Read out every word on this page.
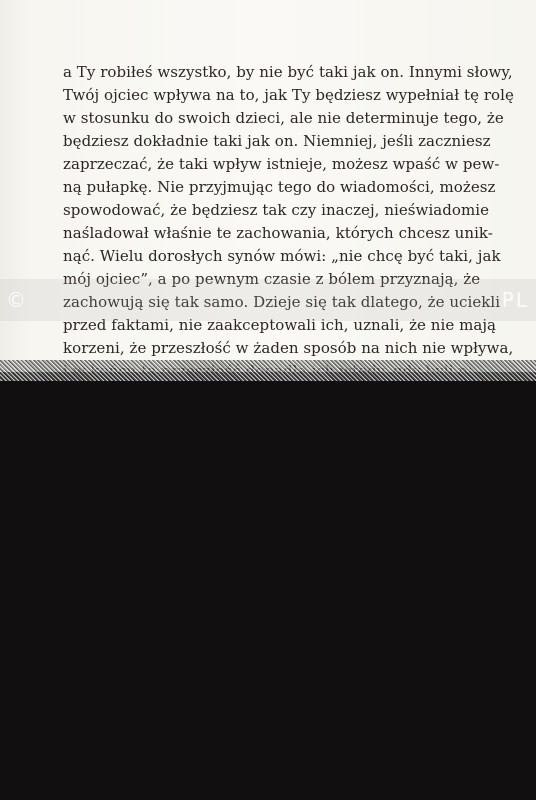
a Ty robiłeś wszystko, by nie być taki jak on. Innymi słowy,
Twój ojciec wpływa na to, jak Ty będziesz wypełniał tę rolę
w stosunku do swoich dzieci, ale nie determinuje tego, że
będziesz dokładnie taki jak on. Niemniej, jeśli zaczniesz
zaprzeczać, że taki wpływ istnieje, możesz wpaść w pew-
ną pułapkę. Nie przyjmując tego do wiadomości, możesz
spowodować, że będziesz tak czy inaczej, nieświadomie
naśladował właśnie te zachowania, których chcesz unik-
nąć. Wielu dorosłych synów mówi: „nie chcę być taki, jak
mój ojciec”, a po pewnym czasie z bólem przyznają, że
zachowują się tak samo. Dzieje się tak dlatego, że uciekli
przed faktami, nie zaakceptowali ich, uznali, że nie mają
korzeni, że przeszłość w żaden sposób na nich nie wpływa,
©	PL
